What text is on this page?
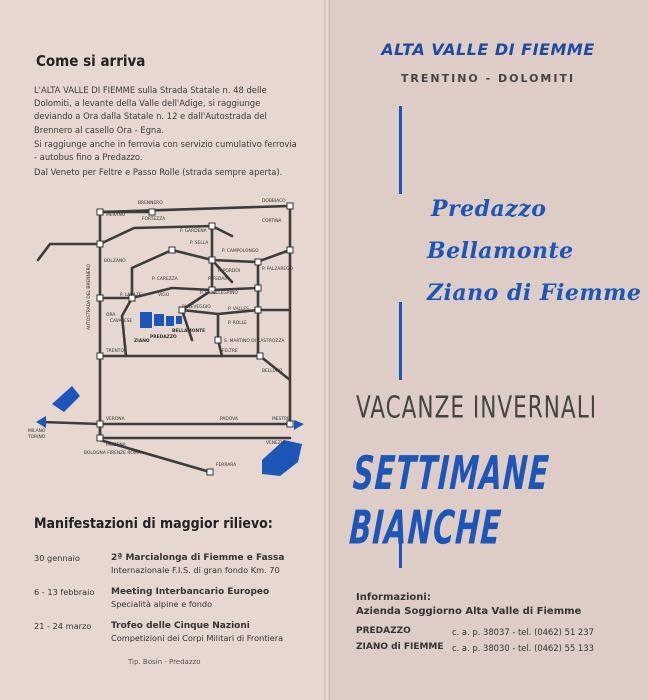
Come si arriva
L'ALTA VALLE DI FIEMME sulla Strada Statale n. 48 delle Dolomiti, a levante della Valle dell'Adige, si raggiunge deviando a Ora dalla Statale n. 12 e dall'Autostrada del Brennero al casello Ora - Egna.
Si raggiunge anche in ferrovia con servizio cumulativo ferrovia - autobus fino a Predazzo.
Dal Veneto per Feltre e Passo Rolle (strada sempre aperta).
BRENNERO	DOBBIACO
MERANO
FORTEZZA
P. GARDENA
CORTINA
P. SELLA
P. CAMPOLONGO
BOLZANO
P. PORDOI	P. FALZAREGO
P. CAREZZA	P. FEDAIA
P. LAVAZE'	P. S. PELLEGRINO
VIGO
ORA
PANEVEGGIO	P. VALLES
CAVALESE
BELLAMONTE
P. ROLLE
PREDAZZO
ZIANO	S. MARTINO DI CASTROZZA
AUTOSTRADA DEL BRENNERO
TRENTO	FELTRE
BELLUNO
VERONA	PADOVA	MESTRE
MILANO
TORINO
MODENA	VENEZIA
BOLOGNA FIRENZE ROMA
FERRARA
Manifestazioni di maggior rilievo:
30 gennaio	2ª Marcialonga di Fiemme e Fassa
Internazionale F.I.S. di gran fondo Km. 70
6 - 13 febbraio	Meeting Interbancario Europeo
Specialità alpine e fondo
21 - 24 marzo	Trofeo delle Cinque Nazioni
Competizioni dei Corpi Militari di Frontiera
Tip. Bosin - Predazzo
ALTA VALLE DI FIEMME
TRENTINO - DOLOMITI
Predazzo
Bellamonte
Ziano di Fiemme
VACANZE INVERNALI
SETTIMANE BIANCHE
Informazioni:
Azienda Soggiorno Alta Valle di Fiemme
PREDAZZO	c. a. p. 38037 - tel. (0462) 51 237
ZIANO di FIEMME c. a. p. 38030 - tel. (0462) 55 133
